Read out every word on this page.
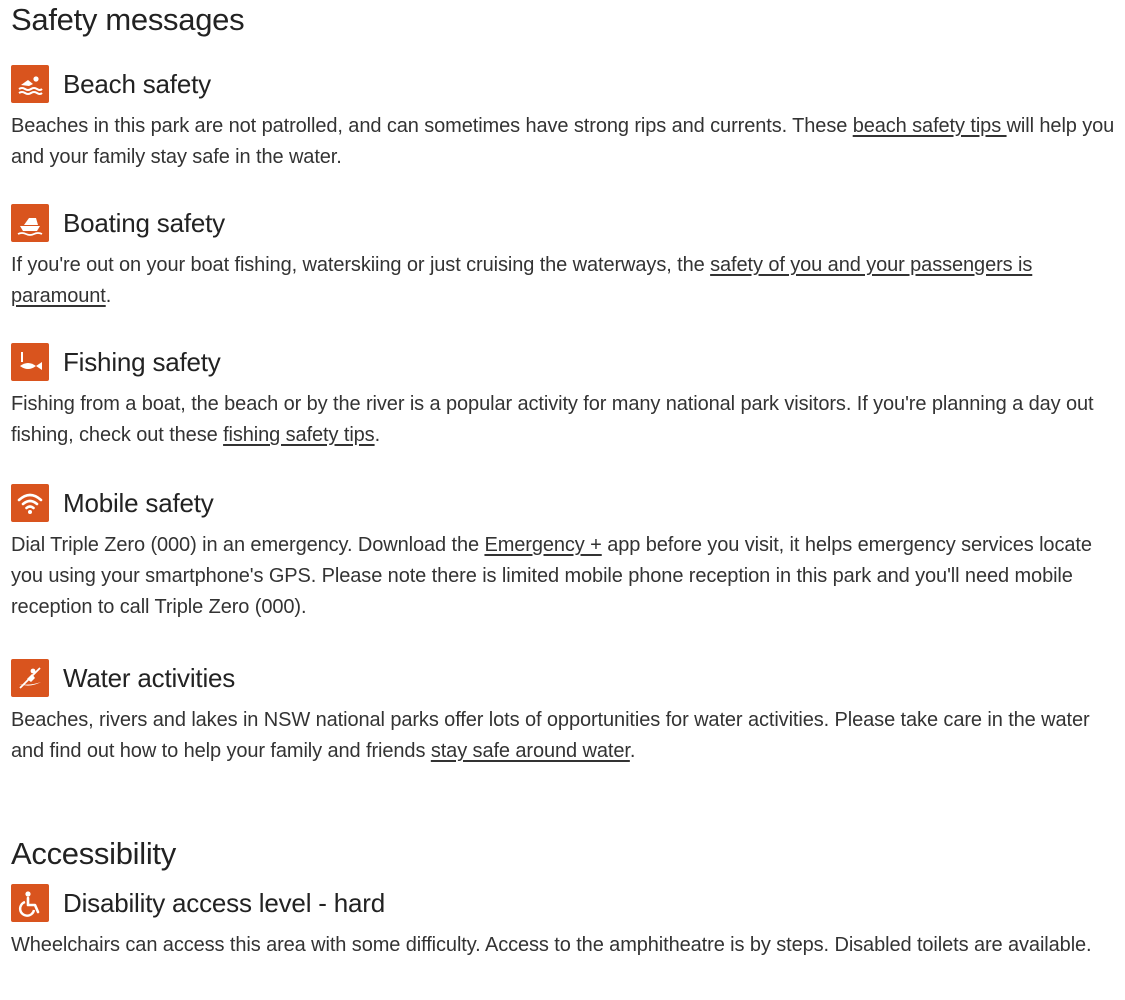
Safety messages
Beach safety
Beaches in this park are not patrolled, and can sometimes have strong rips and currents. These beach safety tips will help you and your family stay safe in the water.
Boating safety
If you're out on your boat fishing, waterskiing or just cruising the waterways, the safety of you and your passengers is paramount.
Fishing safety
Fishing from a boat, the beach or by the river is a popular activity for many national park visitors. If you're planning a day out fishing, check out these fishing safety tips.
Mobile safety
Dial Triple Zero (000) in an emergency. Download the Emergency + app before you visit, it helps emergency services locate you using your smartphone's GPS. Please note there is limited mobile phone reception in this park and you'll need mobile reception to call Triple Zero (000).
Water activities
Beaches, rivers and lakes in NSW national parks offer lots of opportunities for water activities. Please take care in the water and find out how to help your family and friends stay safe around water.
Accessibility
Disability access level - hard
Wheelchairs can access this area with some difficulty. Access to the amphitheatre is by steps. Disabled toilets are available.
